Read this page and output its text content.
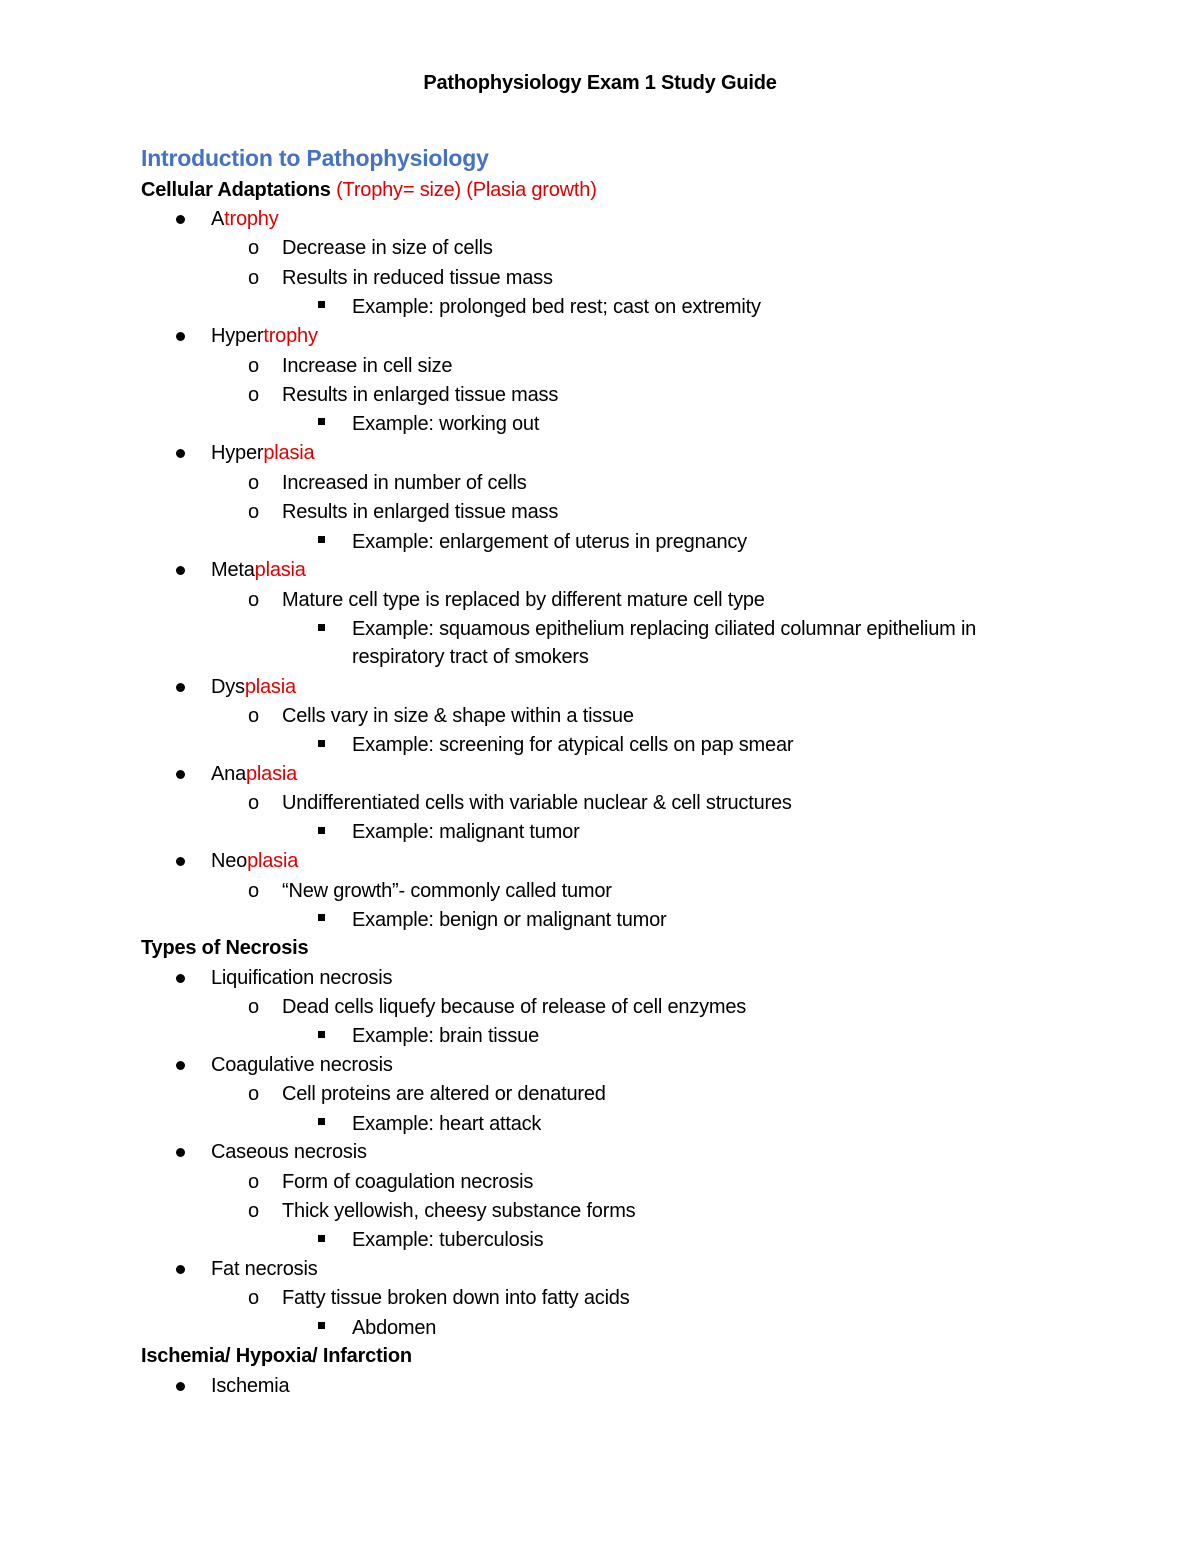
Pathophysiology Exam 1 Study Guide
Introduction to Pathophysiology
Cellular Adaptations (Trophy= size) (Plasia growth)
Atrophy
o Decrease in size of cells
o Results in reduced tissue mass
Example: prolonged bed rest; cast on extremity
Hypertrophy
o Increase in cell size
o Results in enlarged tissue mass
Example: working out
Hyperplasia
o Increased in number of cells
o Results in enlarged tissue mass
Example: enlargement of uterus in pregnancy
Metaplasia
o Mature cell type is replaced by different mature cell type
Example: squamous epithelium replacing ciliated columnar epithelium in
respiratory tract of smokers
Dysplasia
o Cells vary in size & shape within a tissue
Example: screening for atypical cells on pap smear
Anaplasia
o Undifferentiated cells with variable nuclear & cell structures
Example: malignant tumor
Neoplasia
o “New growth”- commonly called tumor
Example: benign or malignant tumor
Types of Necrosis
Liquification necrosis
o Dead cells liquefy because of release of cell enzymes
Example: brain tissue
Coagulative necrosis
o Cell proteins are altered or denatured
Example: heart attack
Caseous necrosis
o Form of coagulation necrosis
o Thick yellowish, cheesy substance forms
Example: tuberculosis
Fat necrosis
o Fatty tissue broken down into fatty acids
Abdomen
Ischemia/ Hypoxia/ Infarction
Ischemia
